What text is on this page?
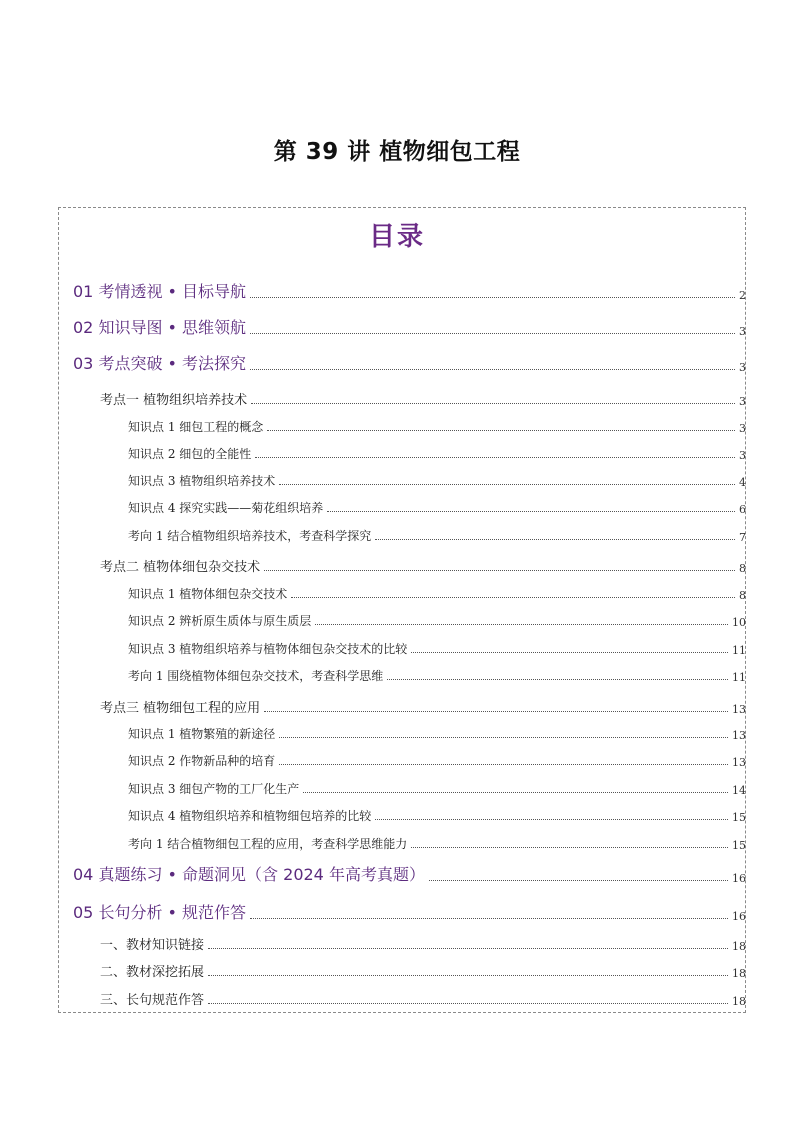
第 39 讲 植物细包工程
目录
01 考情透视 • 目标导航	2
02 知识导图 • 思维领航	3
03 考点突破 • 考法探究	3
考点一 植物组织培养技术	3
知识点 1 细包工程的概念	3
知识点 2 细包的全能性	3
知识点 3 植物组织培养技术	4
知识点 4 探究实践——菊花组织培养	6
考向 1 结合植物组织培养技术，考查科学探究	7
考点二 植物体细包杂交技术	8
知识点 1 植物体细包杂交技术	8
知识点 2 辨析原生质体与原生质层	10
知识点 3 植物组织培养与植物体细包杂交技术的比较	11
考向 1 围绕植物体细包杂交技术，考查科学思维	11
考点三 植物细包工程的应用	13
知识点 1 植物繁殖的新途径	13
知识点 2 作物新品种的培育	13
知识点 3 细包产物的工厂化生产	14
知识点 4 植物组织培养和植物细包培养的比较	15
考向 1 结合植物细包工程的应用，考查科学思维能力	15
04 真题练习 • 命题洞见（含 2024 年高考真题）	16
05 长句分析 • 规范作答	16
一、教材知识链接	18
二、教材深挖拓展	18
三、长句规范作答	18
